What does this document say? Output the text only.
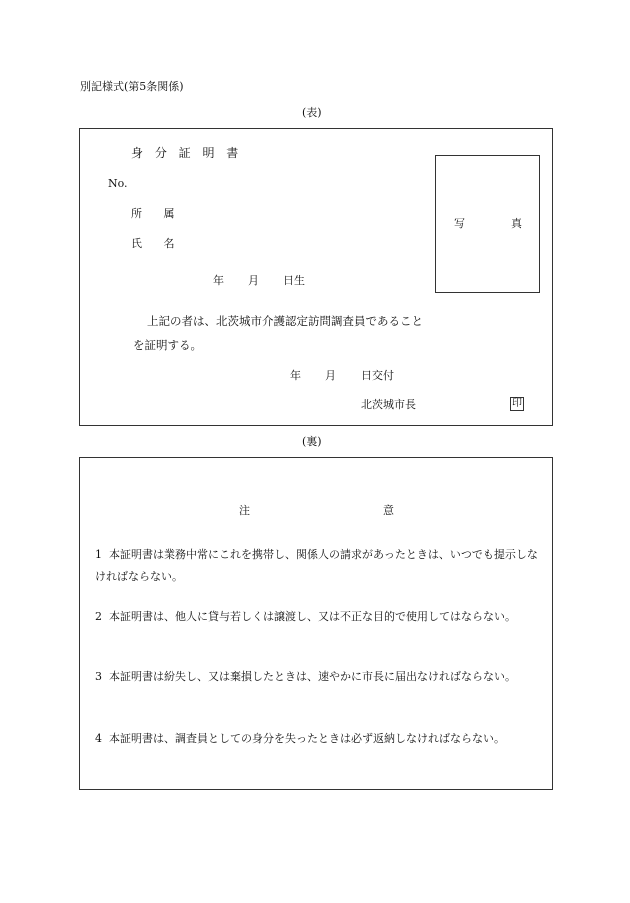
別記様式(第5条関係)
(表)
身 分 証 明 書
No.
所 属
氏 名
年 月 日生
写	真
上記の者は、北茨城市介護認定訪問調査員であること
を証明する。
年 月 日交付
北茨城市長	印
(裏)
注	意
1 本証明書は業務中常にこれを携帯し、関係人の請求があったときは、いつでも提示しなければならない。
2 本証明書は、他人に貸与若しくは譲渡し、又は不正な目的で使用してはならない。
3 本証明書は紛失し、又は棄損したときは、速やかに市長に届出なければならない。
4 本証明書は、調査員としての身分を失ったときは必ず返納しなければならない。
